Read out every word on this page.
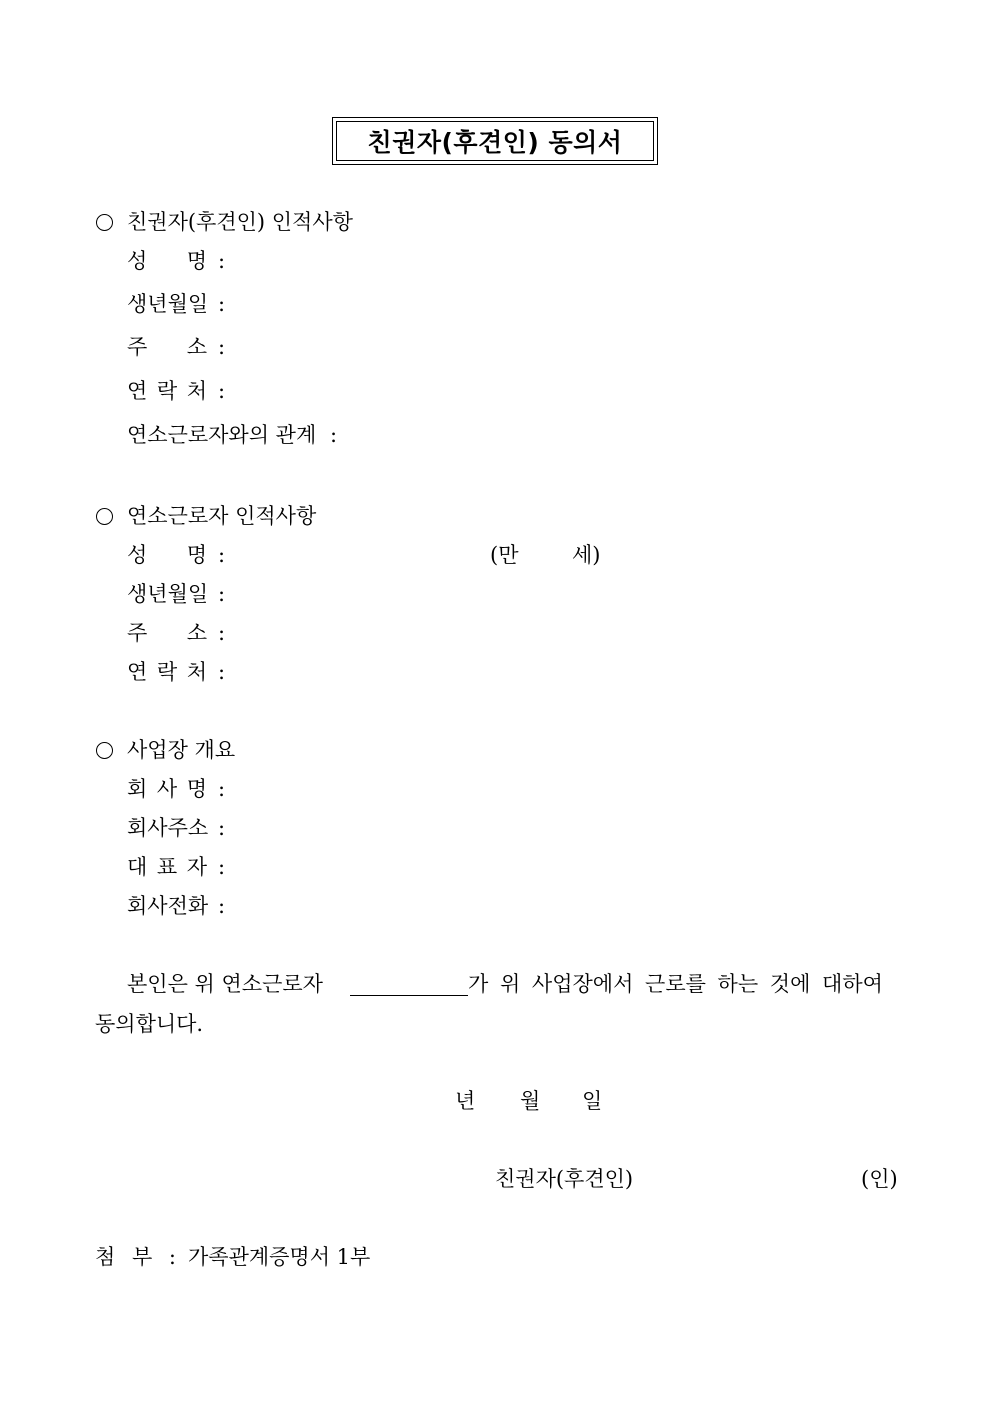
친권자(후견인) 동의서
친권자(후견인) 인적사항
성 명 :
생년월일 :
주 소 :
연 락 처 :
연소근로자와의 관계 :
연소근로자 인적사항
성 명 :	(만	세)
생년월일 :
주 소 :
연 락 처 :
사업장 개요
회 사 명 :
회사주소 :
대 표 자 :
회사전화 :
본인은 위 연소근로자	가 위 사업장에서 근로를 하는 것에 대하여
동의합니다.
년 월 일
친권자(후견인)	(인)
첨 부 : 가족관계증명서 1부
